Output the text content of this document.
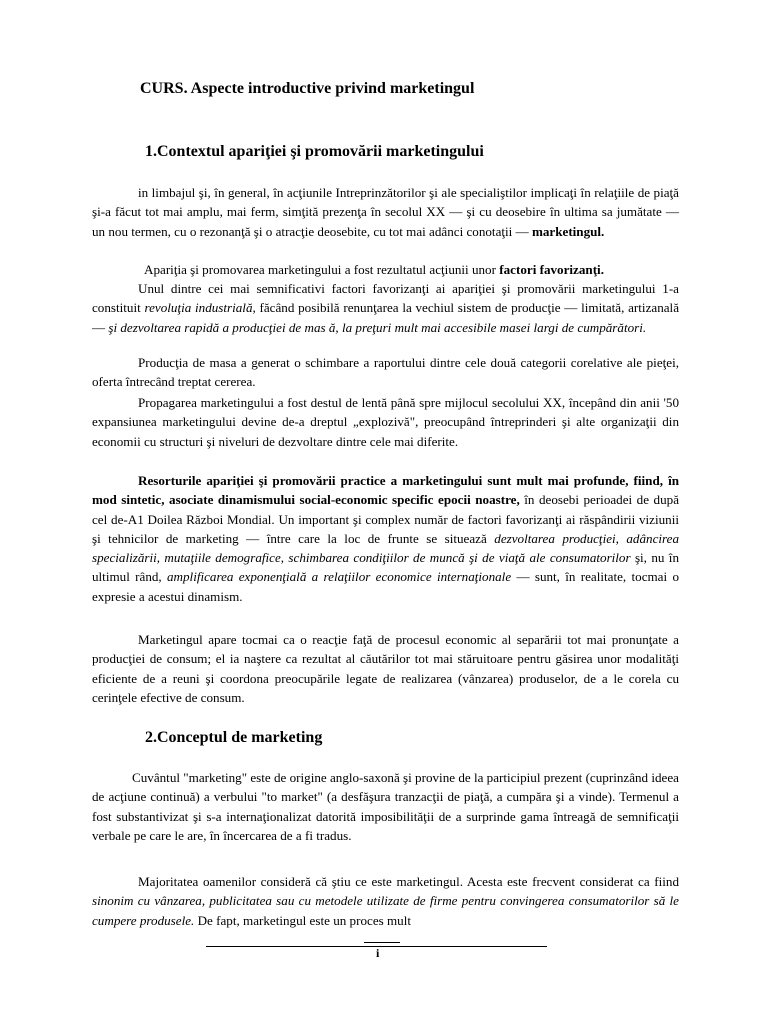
CURS. Aspecte introductive privind marketingul
1.Contextul apariţiei şi promovării marketingului

in limbajul şi, în general, în acţiunile Intreprinzătorilor şi ale specialiştilor implicaţi în relaţiile de piaţă şi-a făcut tot mai amplu, mai ferm, simţită prezenţa în secolul XX — şi cu deosebire în ultima sa jumătate — un nou termen, cu o rezonanţă şi o atracţie deosebite, cu tot mai adânci conotaţii — marketingul.

Apariţia şi promovarea marketingului a fost rezultatul acţiunii unor factori favorizanţi.

Unul dintre cei mai semnificativi factori favorizanţi ai apariţiei şi promovării marketingului 1-a constituit revoluţia industrială, făcând posibilă renunţarea la vechiul sistem de producţie — limitată, artizanală — şi dezvoltarea rapidă a producţiei de mas ă, la preţuri mult mai accesibile masei largi de cumpărători.

Producţia de masa a generat o schimbare a raportului dintre cele două categorii corelative ale pieţei, oferta întrecând treptat cererea.

Propagarea marketingului a fost destul de lentă până spre mijlocul secolului XX, începând din anii '50 expansiunea marketingului devine de-a dreptul „explozivă", preocupând întreprinderi şi alte organizaţii din economii cu structuri şi niveluri de dezvoltare dintre cele mai diferite.

Resorturile apariţiei şi promovării practice a marketingului sunt mult mai profunde, fiind, în mod sintetic, asociate dinamismului social-economic specific epocii noastre, în deosebi perioadei de după cel de-A1 Doilea Război Mondial. Un important şi complex număr de factori favorizanţi ai răspândirii viziunii şi tehnicilor de marketing — între care la loc de frunte se situează dezvoltarea producţiei, adâncirea specializării, mutaţiile demografice, schimbarea condiţiilor de muncă şi de viaţă ale consumatorilor şi, nu în ultimul rând, amplificarea exponenţială a relaţiilor economice internaţionale — sunt, în realitate, tocmai o expresie a acestui dinamism.

Marketingul apare tocmai ca o reacţie faţă de procesul economic al separării tot mai pronunţate a producţiei de consum; el ia naştere ca rezultat al căutărilor tot mai stăruitoare pentru găsirea unor modalităţi eficiente de a reuni şi coordona preocupările legate de realizarea (vânzarea) produselor, de a le corela cu cerinţele efective de consum.

2.Conceptul de marketing

Cuvântul "marketing" este de origine anglo-saxonă şi provine de la participiul prezent (cuprinzând ideea de acţiune continuă) a verbului "to market" (a desfăşura tranzacţii de piaţă, a cumpăra şi a vinde). Termenul a fost substantivizat şi s-a internaţionalizat datorită imposibilităţii de a surprinde gama întreagă de semnificaţii verbale pe care le are, în încercarea de a fi tradus.

Majoritatea oamenilor consideră că ştiu ce este marketingul. Acesta este frecvent considerat ca fiind sinonim cu vânzarea, publicitatea sau cu metodele utilizate de firme pentru convingerea consumatorilor să le cumpere produsele. De fapt, marketingul este un proces mult

i
